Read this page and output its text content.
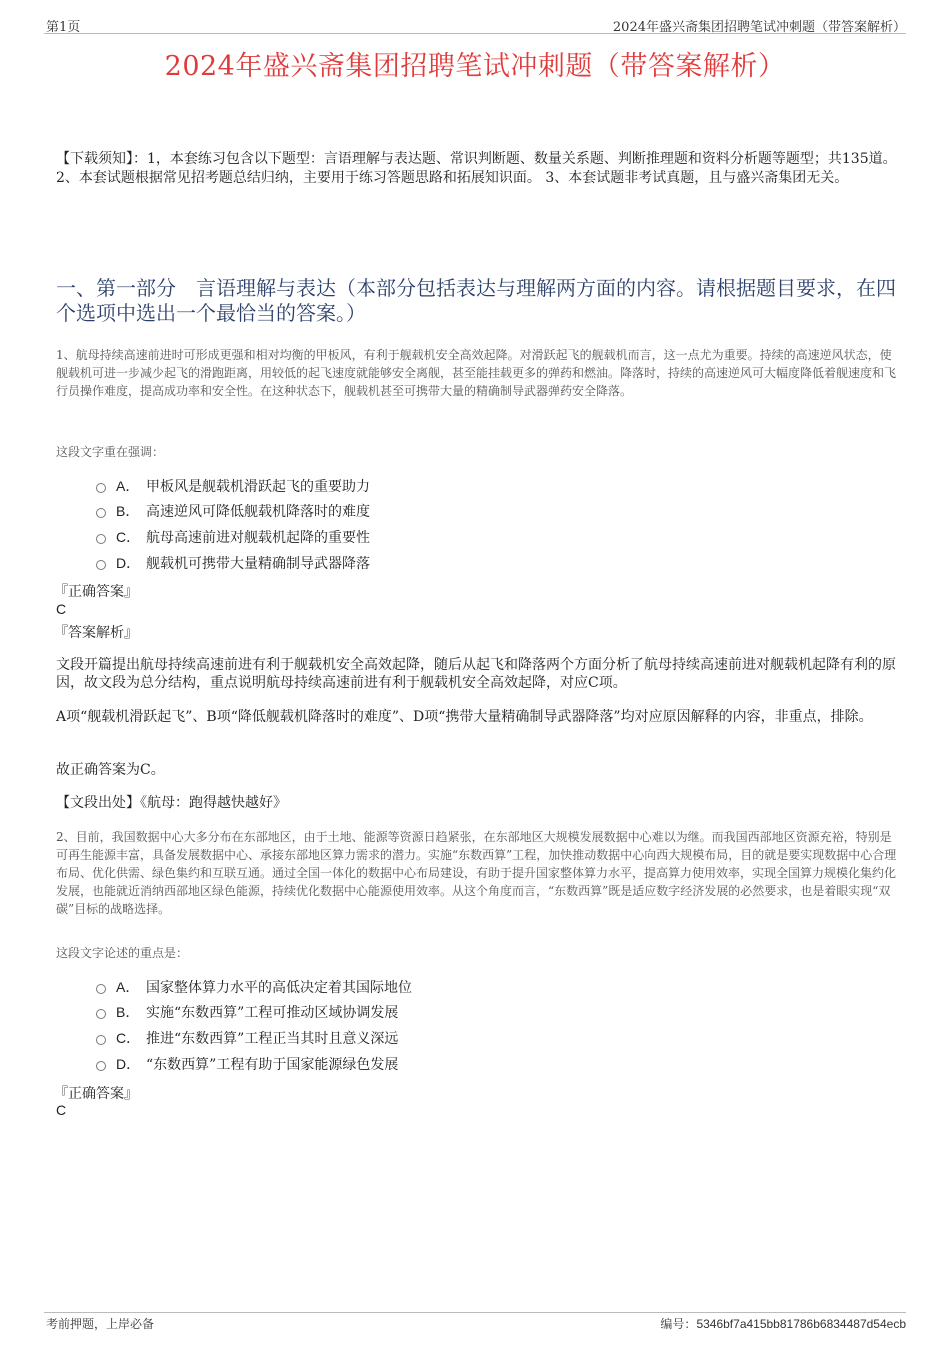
第1页	2024年盛兴斋集团招聘笔试冲刺题（带答案解析）
2024年盛兴斋集团招聘笔试冲刺题（带答案解析）
【下载须知】：1，本套练习包含以下题型：言语理解与表达题、常识判断题、数量关系题、判断推理题和资料分析题等题型；共135道。 2、本套试题根据常见招考题总结归纳，主要用于练习答题思路和拓展知识面。 3、本套试题非考试真题，且与盛兴斋集团无关。
一、第一部分　言语理解与表达（本部分包括表达与理解两方面的内容。请根据题目要求，在四个选项中选出一个最恰当的答案。）
1、航母持续高速前进时可形成更强和相对均衡的甲板风，有利于舰载机安全高效起降。对滑跃起飞的舰载机而言，这一点尤为重要。持续的高速逆风状态，使舰载机可进一步减少起飞的滑跑距离，用较低的起飞速度就能够安全离舰，甚至能挂载更多的弹药和燃油。降落时，持续的高速逆风可大幅度降低着舰速度和飞行员操作难度，提高成功率和安全性。在这种状态下，舰载机甚至可携带大量的精确制导武器弹药安全降落。
这段文字重在强调：
A． 甲板风是舰载机滑跃起飞的重要助力
B． 高速逆风可降低舰载机降落时的难度
C． 航母高速前进对舰载机起降的重要性
D． 舰载机可携带大量精确制导武器降落
『正确答案』
C
『答案解析』
文段开篇提出航母持续高速前进有利于舰载机安全高效起降，随后从起飞和降落两个方面分析了航母持续高速前进对舰载机起降有利的原因，故文段为总分结构，重点说明航母持续高速前进有利于舰载机安全高效起降，对应C项。
A项“舰载机滑跃起飞”、B项“降低舰载机降落时的难度”、D项“携带大量精确制导武器降落”均对应原因解释的内容，非重点，排除。
故正确答案为C。
【文段出处】《航母：跑得越快越好》
2、目前，我国数据中心大多分布在东部地区，由于土地、能源等资源日趋紧张，在东部地区大规模发展数据中心难以为继。而我国西部地区资源充裕，特别是可再生能源丰富，具备发展数据中心、承接东部地区算力需求的潜力。实施“东数西算”工程，加快推动数据中心向西大规模布局，目的就是要实现数据中心合理布局、优化供需、绿色集约和互联互通。通过全国一体化的数据中心布局建设，有助于提升国家整体算力水平，提高算力使用效率，实现全国算力规模化集约化发展，也能就近消纳西部地区绿色能源，持续优化数据中心能源使用效率。从这个角度而言，“东数西算”既是适应数字经济发展的必然要求，也是着眼实现“双碳”目标的战略选择。
这段文字论述的重点是：
A． 国家整体算力水平的高低决定着其国际地位
B． 实施“东数西算”工程可推动区域协调发展
C． 推进“东数西算”工程正当其时且意义深远
D． “东数西算”工程有助于国家能源绿色发展
『正确答案』
C
考前押题，上岸必备	编号：5346bf7a415bb81786b6834487d54ecb
